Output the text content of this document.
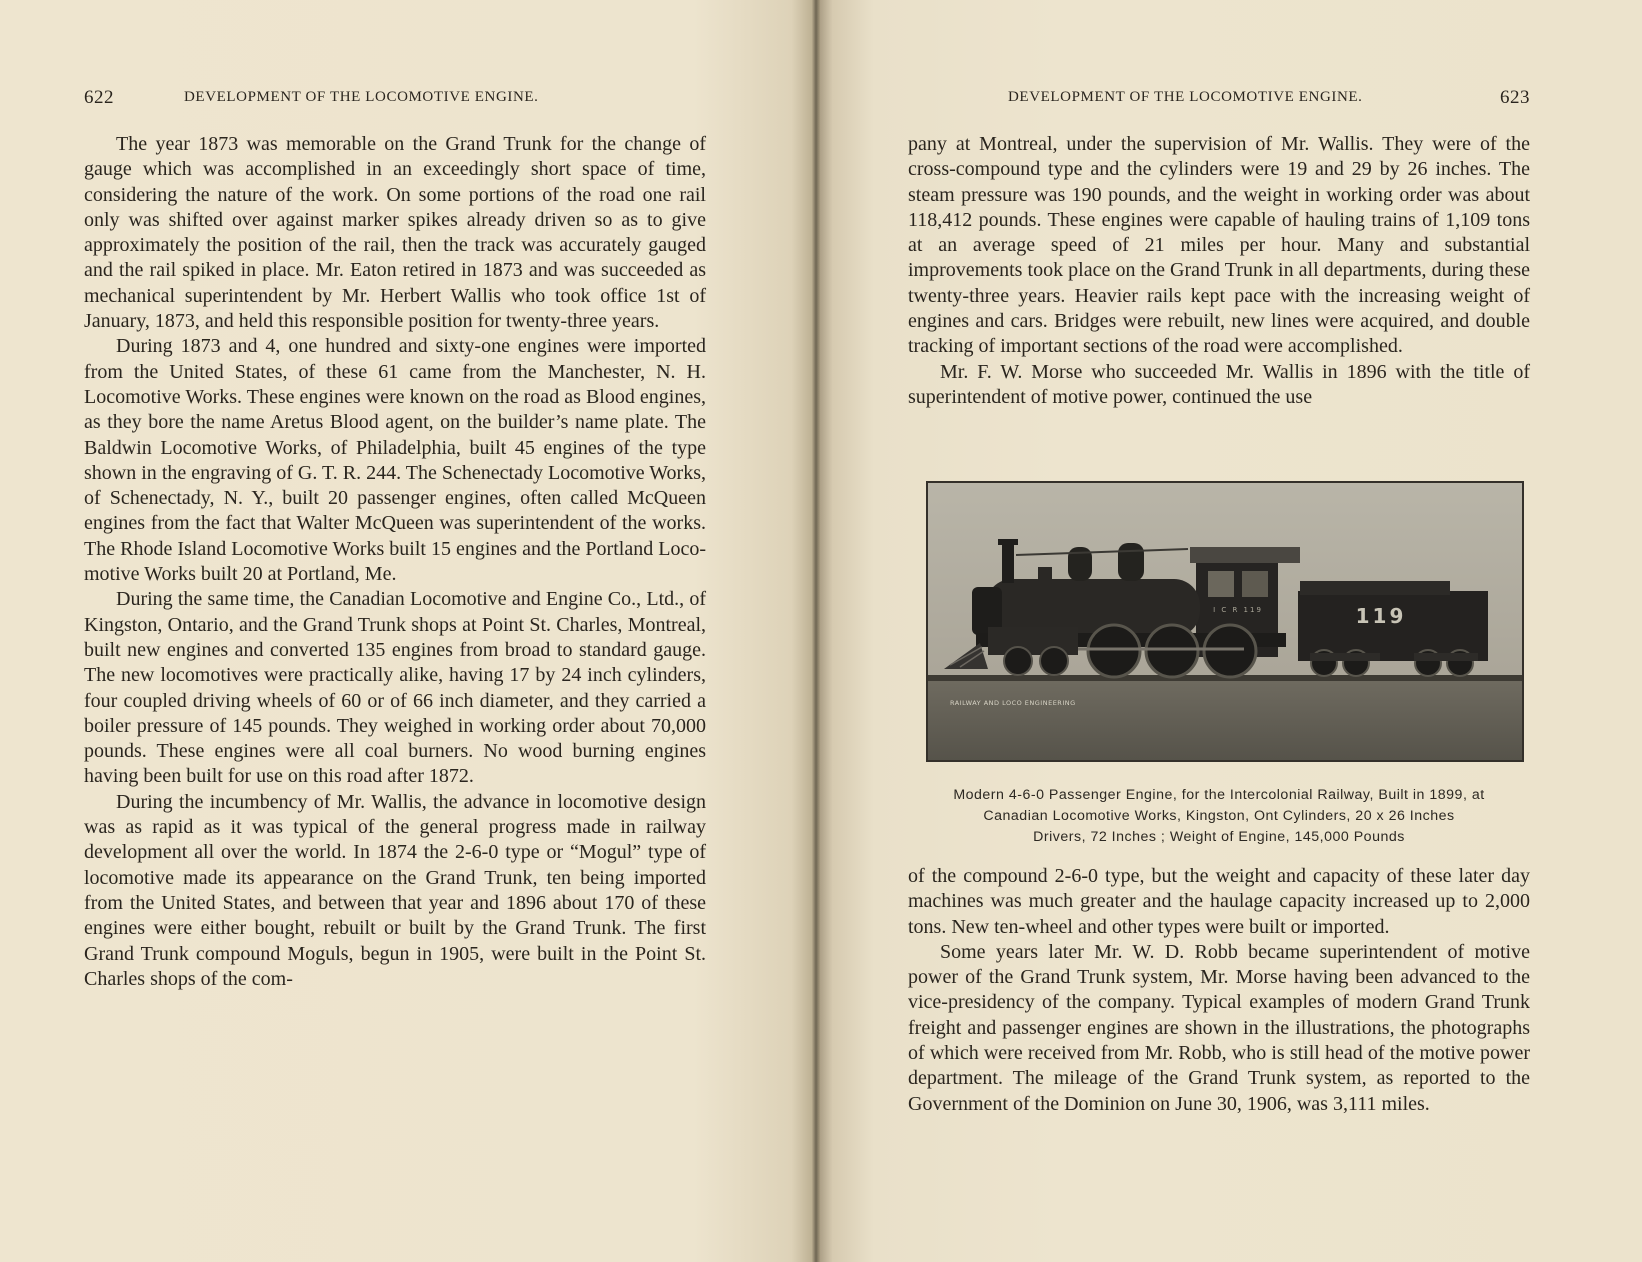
622	DEVELOPMENT OF THE LOCOMOTIVE ENGINE.

The year 1873 was memorable on the Grand Trunk for the change of gauge which was accomplished in an exceedingly short space of time, considering the nature of the work. On some portions of the road one rail only was shifted over against marker spikes already driven so as to give approximately the position of the rail, then the track was accurately gauged and the rail spiked in place. Mr. Eaton retired in 1873 and was succeeded as mechanical superintendent by Mr. Herbert Wallis who took office 1st of January, 1873, and held this responsible position for twenty-three years.

During 1873 and 4, one hundred and sixty-one engines were imported from the United States, of these 61 came from the Manchester, N. H. Locomotive Works. These engines were known on the road as Blood engines, as they bore the name Aretus Blood agent, on the builder’s name plate. The Baldwin Locomotive Works, of Philadelphia, built 45 engines of the type shown in the engraving of G. T. R. 244. The Schenectady Locomotive Works, of Schenectady, N. Y., built 20 passenger engines, often called McQueen engines from the fact that Walter McQueen was superintendent of the works. The Rhode Island Locomotive Works built 15 engines and the Portland Locomotive Works built 20 at Portland, Me.

During the same time, the Canadian Locomotive and Engine Co., Ltd., of Kingston, Ontario, and the Grand Trunk shops at Point St. Charles, Montreal, built new engines and converted 135 engines from broad to standard gauge. The new locomotives were practically alike, having 17 by 24 inch cylinders, four coupled driving wheels of 60 or of 66 inch diameter, and they carried a boiler pressure of 145 pounds. They weighed in working order about 70,000 pounds. These engines were all coal burners. No wood burning engines having been built for use on this road after 1872.

During the incumbency of Mr. Wallis, the advance in locomotive design was as rapid as it was typical of the general progress made in railway development all over the world. In 1874 the 2-6-0 type or “Mogul” type of locomotive made its appearance on the Grand Trunk, ten being imported from the United States, and between that year and 1896 about 170 of these engines were either bought, rebuilt or built by the Grand Trunk. The first Grand Trunk compound Moguls, begun in 1905, were built in the Point St. Charles shops of the com-

DEVELOPMENT OF THE LOCOMOTIVE ENGINE.	623

pany at Montreal, under the supervision of Mr. Wallis. They were of the cross-compound type and the cylinders were 19 and 29 by 26 inches. The steam pressure was 190 pounds, and the weight in working order was about 118,412 pounds. These engines were capable of hauling trains of 1,109 tons at an average speed of 21 miles per hour. Many and substantial improvements took place on the Grand Trunk in all departments, during these twenty-three years. Heavier rails kept pace with the increasing weight of engines and cars. Bridges were rebuilt, new lines were acquired, and double tracking of important sections of the road were accomplished.

Mr. F. W. Morse who succeeded Mr. Wallis in 1896 with the title of superintendent of motive power, continued the use

119
I C R 119
RAILWAY AND LOCO ENGINEERING
Modern 4-6-0 Passenger Engine, for the Intercolonial Railway, Built in 1899, at
Canadian Locomotive Works, Kingston, Ont Cylinders, 20 x 26 Inches
Drivers, 72 Inches ; Weight of Engine, 145,000 Pounds

of the compound 2-6-0 type, but the weight and capacity of these later day machines was much greater and the haulage capacity increased up to 2,000 tons. New ten-wheel and other types were built or imported.

Some years later Mr. W. D. Robb became superintendent of motive power of the Grand Trunk system, Mr. Morse having been advanced to the vice-presidency of the company. Typical examples of modern Grand Trunk freight and passenger engines are shown in the illustrations, the photographs of which were received from Mr. Robb, who is still head of the motive power department. The mileage of the Grand Trunk system, as reported to the Government of the Dominion on June 30, 1906, was 3,111 miles.
